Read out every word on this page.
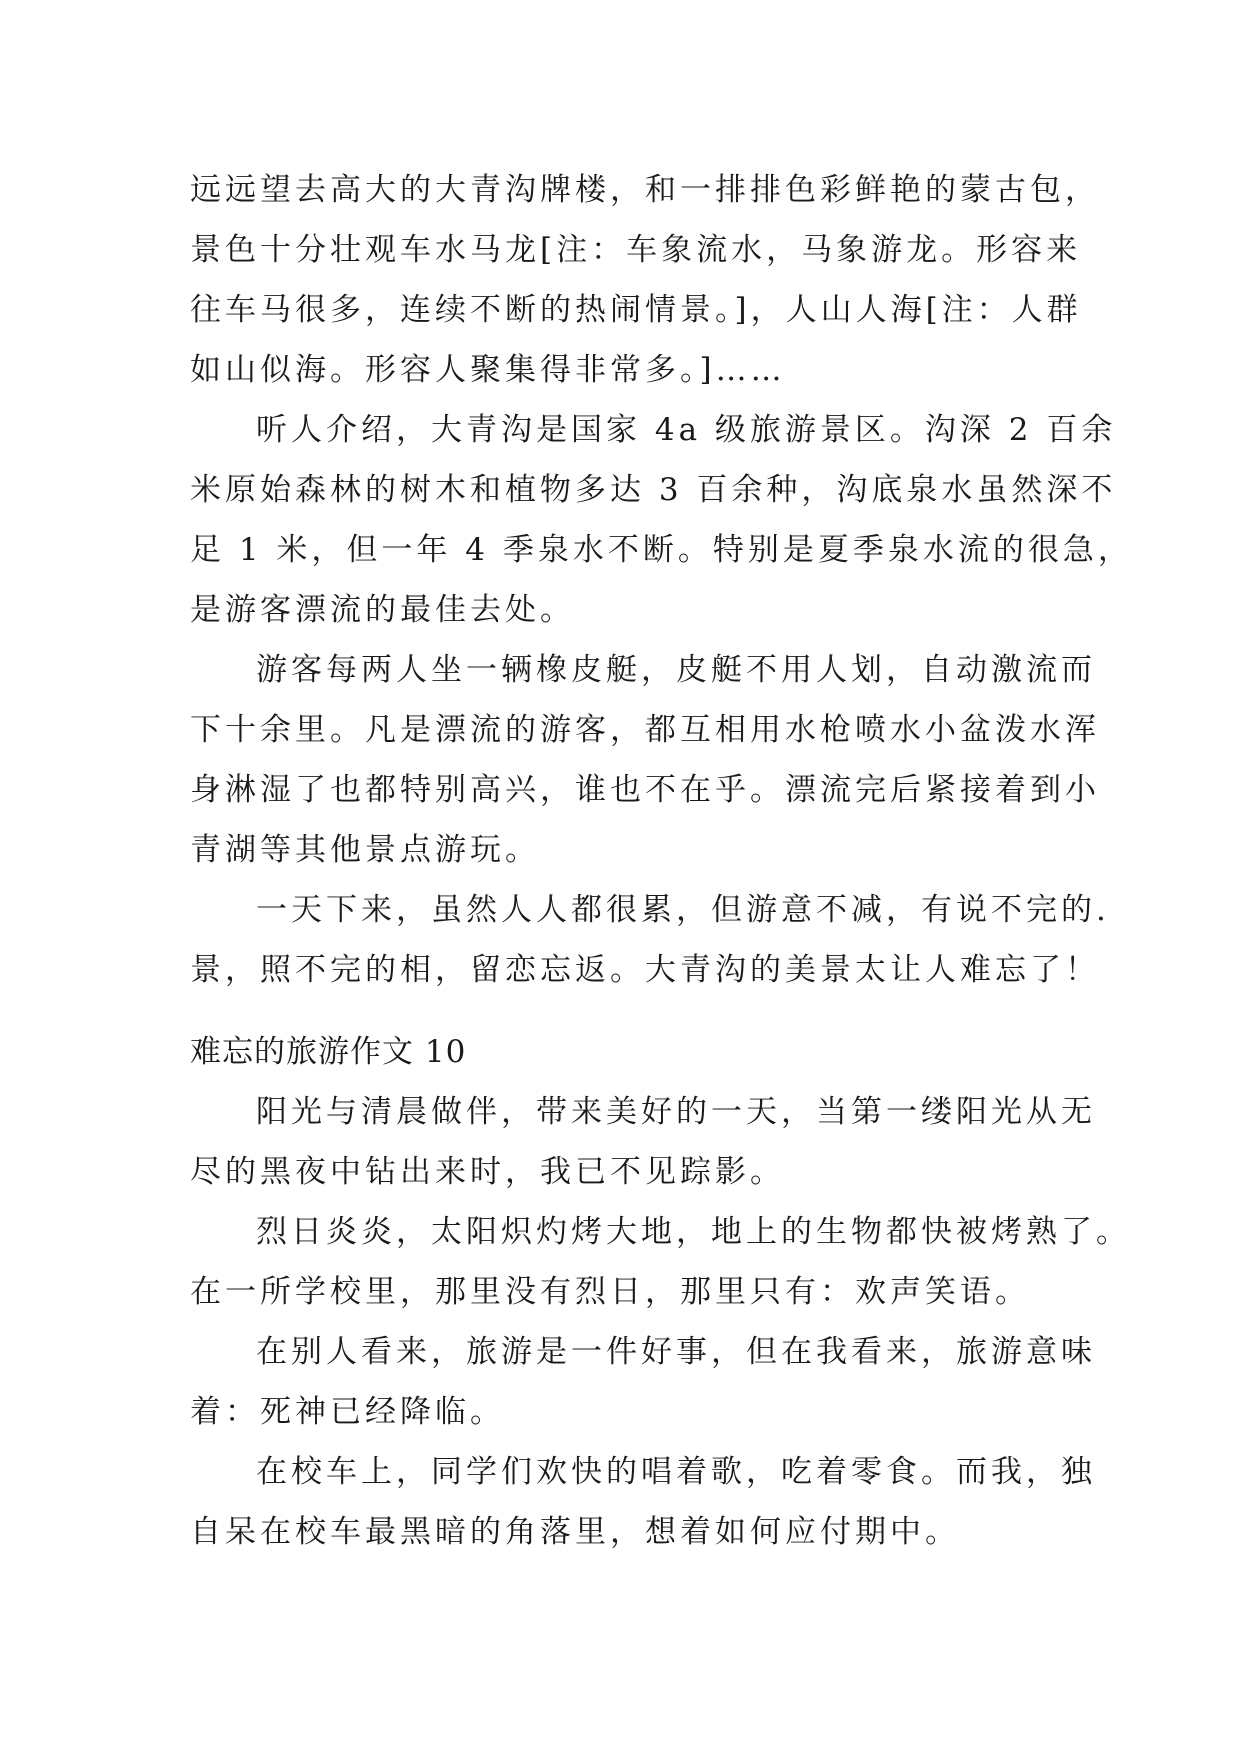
远远望去高大的大青沟牌楼，和一排排色彩鲜艳的蒙古包，

景色十分壮观车水马龙[注：车象流水，马象游龙。形容来

往车马很多，连续不断的热闹情景。]，人山人海[注：人群

如山似海。形容人聚集得非常多。]……

听人介绍，大青沟是国家 4a 级旅游景区。沟深 2 百余

米原始森林的树木和植物多达 3 百余种，沟底泉水虽然深不

足 1 米，但一年 4 季泉水不断。特别是夏季泉水流的很急，

是游客漂流的最佳去处。

游客每两人坐一辆橡皮艇，皮艇不用人划，自动激流而

下十余里。凡是漂流的游客，都互相用水枪喷水小盆泼水浑

身淋湿了也都特别高兴，谁也不在乎。漂流完后紧接着到小

青湖等其他景点游玩。

一天下来，虽然人人都很累，但游意不减，有说不完的.

景，照不完的相，留恋忘返。大青沟的美景太让人难忘了！

难忘的旅游作文 10

阳光与清晨做伴，带来美好的一天，当第一缕阳光从无

尽的黑夜中钻出来时，我已不见踪影。

烈日炎炎，太阳炽灼烤大地，地上的生物都快被烤熟了。

在一所学校里，那里没有烈日，那里只有：欢声笑语。

在别人看来，旅游是一件好事，但在我看来，旅游意味

着：死神已经降临。

在校车上，同学们欢快的唱着歌，吃着零食。而我，独

自呆在校车最黑暗的角落里，想着如何应付期中。
